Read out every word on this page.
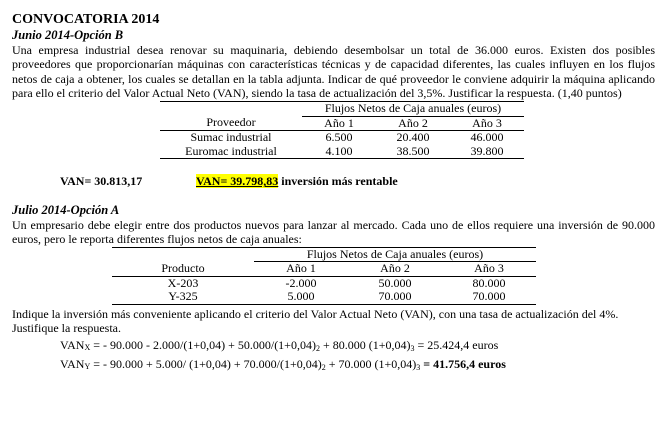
CONVOCATORIA 2014

Junio 2014-Opción B

Una empresa industrial desea renovar su maquinaria, debiendo desembolsar un total de 36.000 euros. Existen dos posibles proveedores que proporcionarían máquinas con características técnicas y de capacidad diferentes, las cuales influyen en los flujos netos de caja a obtener, los cuales se detallan en la tabla adjunta. Indicar de qué proveedor le conviene adquirir la máquina aplicando para ello el criterio del Valor Actual Neto (VAN), siendo la tasa de actualización del 3,5%. Justificar la respuesta. (1,40 puntos)

	Flujos Netos de Caja anuales (euros)		
Proveedor	Año 1	Año 2	Año 3
Sumac industrial	6.500	20.400	46.000
Euromac industrial	4.100	38.500	39.800
VAN= 30.813,17	VAN= 39.798,83 inversión más rentable

Julio 2014-Opción A

Un empresario debe elegir entre dos productos nuevos para lanzar al mercado. Cada uno de ellos requiere una inversión de 90.000 euros, pero le reporta diferentes flujos netos de caja anuales:

	Flujos Netos de Caja anuales (euros)		
Producto	Año 1	Año 2	Año 3
X-203	-2.000	50.000	80.000
Y-325	5.000	70.000	70.000

Indique la inversión más conveniente aplicando el criterio del Valor Actual Neto (VAN), con una tasa de actualización del 4%. Justifique la respuesta.

VANX = - 90.000 - 2.000/(1+0,04) + 50.000/(1+0,04)2 + 80.000 (1+0,04)3 = 25.424,4 euros

VANY = - 90.000 + 5.000/ (1+0,04) + 70.000/(1+0,04)2 + 70.000 (1+0,04)3 = 41.756,4 euros
